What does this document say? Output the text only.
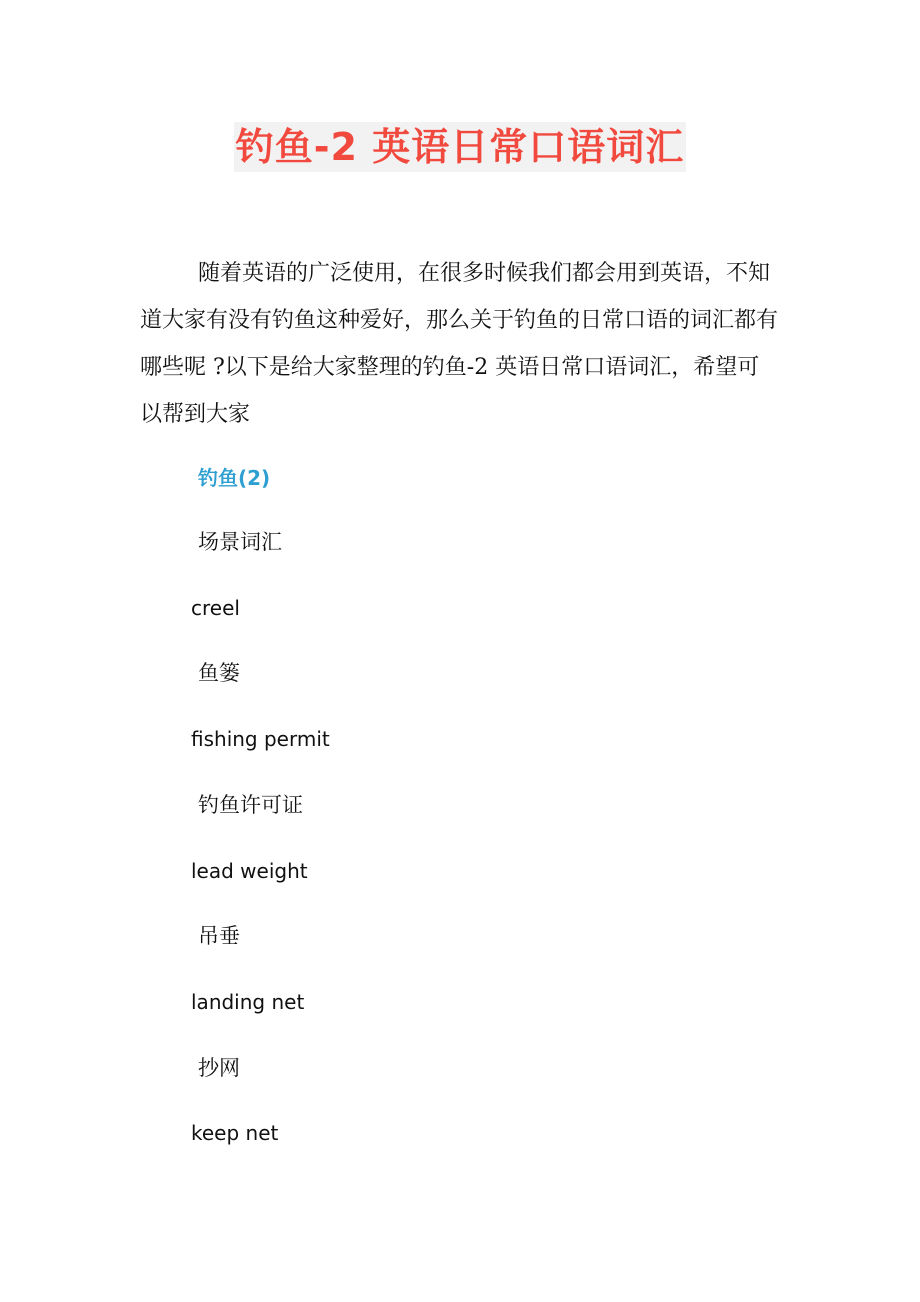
钓鱼-2 英语日常口语词汇

随着英语的广泛使用，在很多时候我们都会用到英语，不知道大家有没有钓鱼这种爱好，那么关于钓鱼的日常口语的词汇都有哪些呢 ?以下是给大家整理的钓鱼-2 英语日常口语词汇，希望可以帮到大家

钓鱼(2)
场景词汇
creel
鱼篓
fishing permit
钓鱼许可证
lead weight
吊垂
landing net
抄网
keep net
